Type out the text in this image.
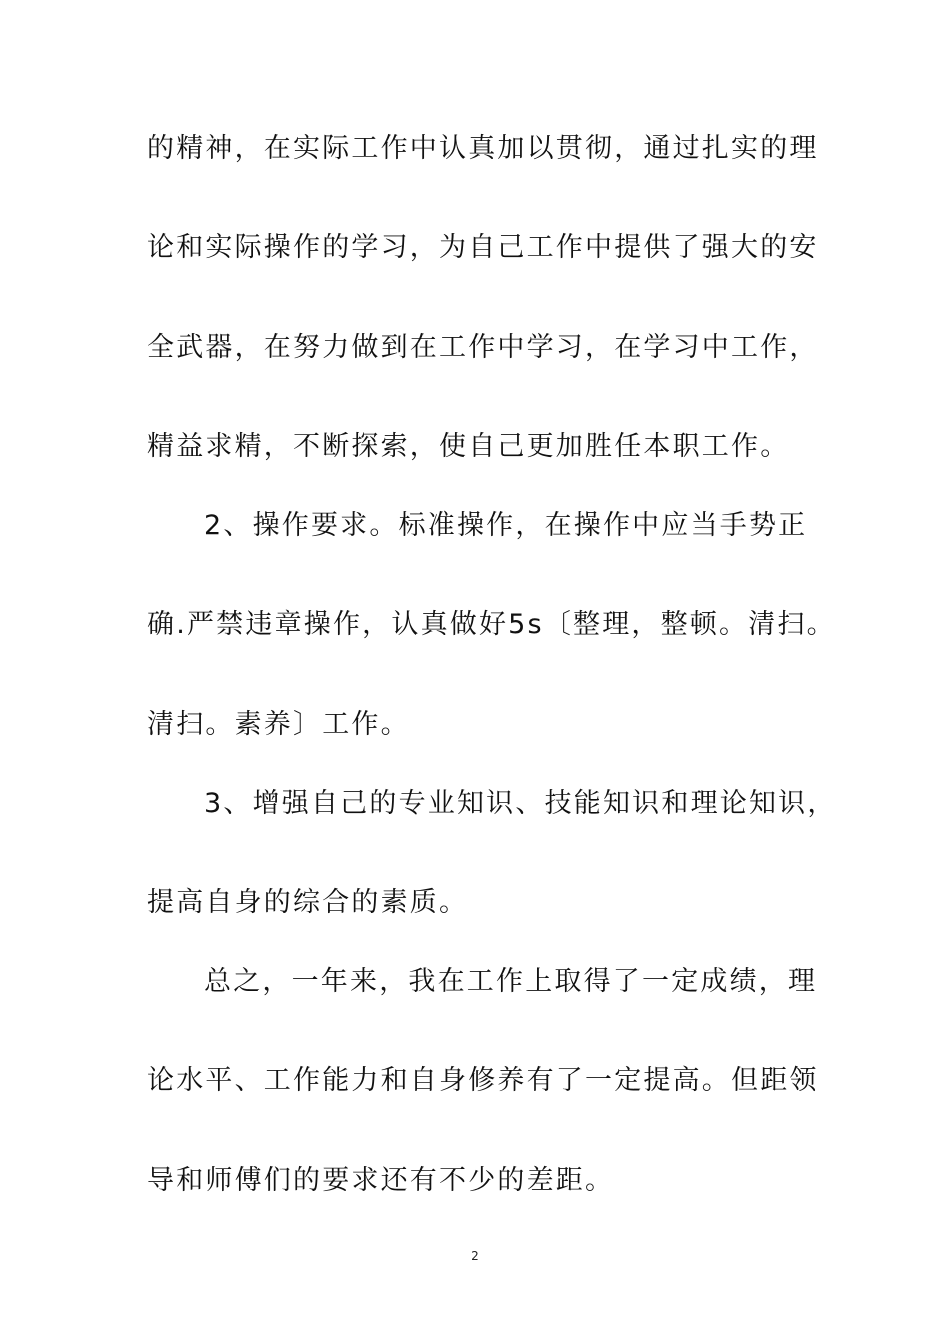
的精神，在实际工作中认真加以贯彻，通过扎实的理
论和实际操作的学习，为自己工作中提供了强大的安
全武器，在努力做到在工作中学习，在学习中工作，
精益求精，不断探索，使自己更加胜任本职工作。
2、操作要求。标准操作，在操作中应当手势正
确.严禁违章操作，认真做好5s〔整理，整顿。清扫。
清扫。素养〕工作。
3、增强自己的专业知识、技能知识和理论知识，
提高自身的综合的素质。
总之，一年来，我在工作上取得了一定成绩，理
论水平、工作能力和自身修养有了一定提高。但距领
导和师傅们的要求还有不少的差距。
2
